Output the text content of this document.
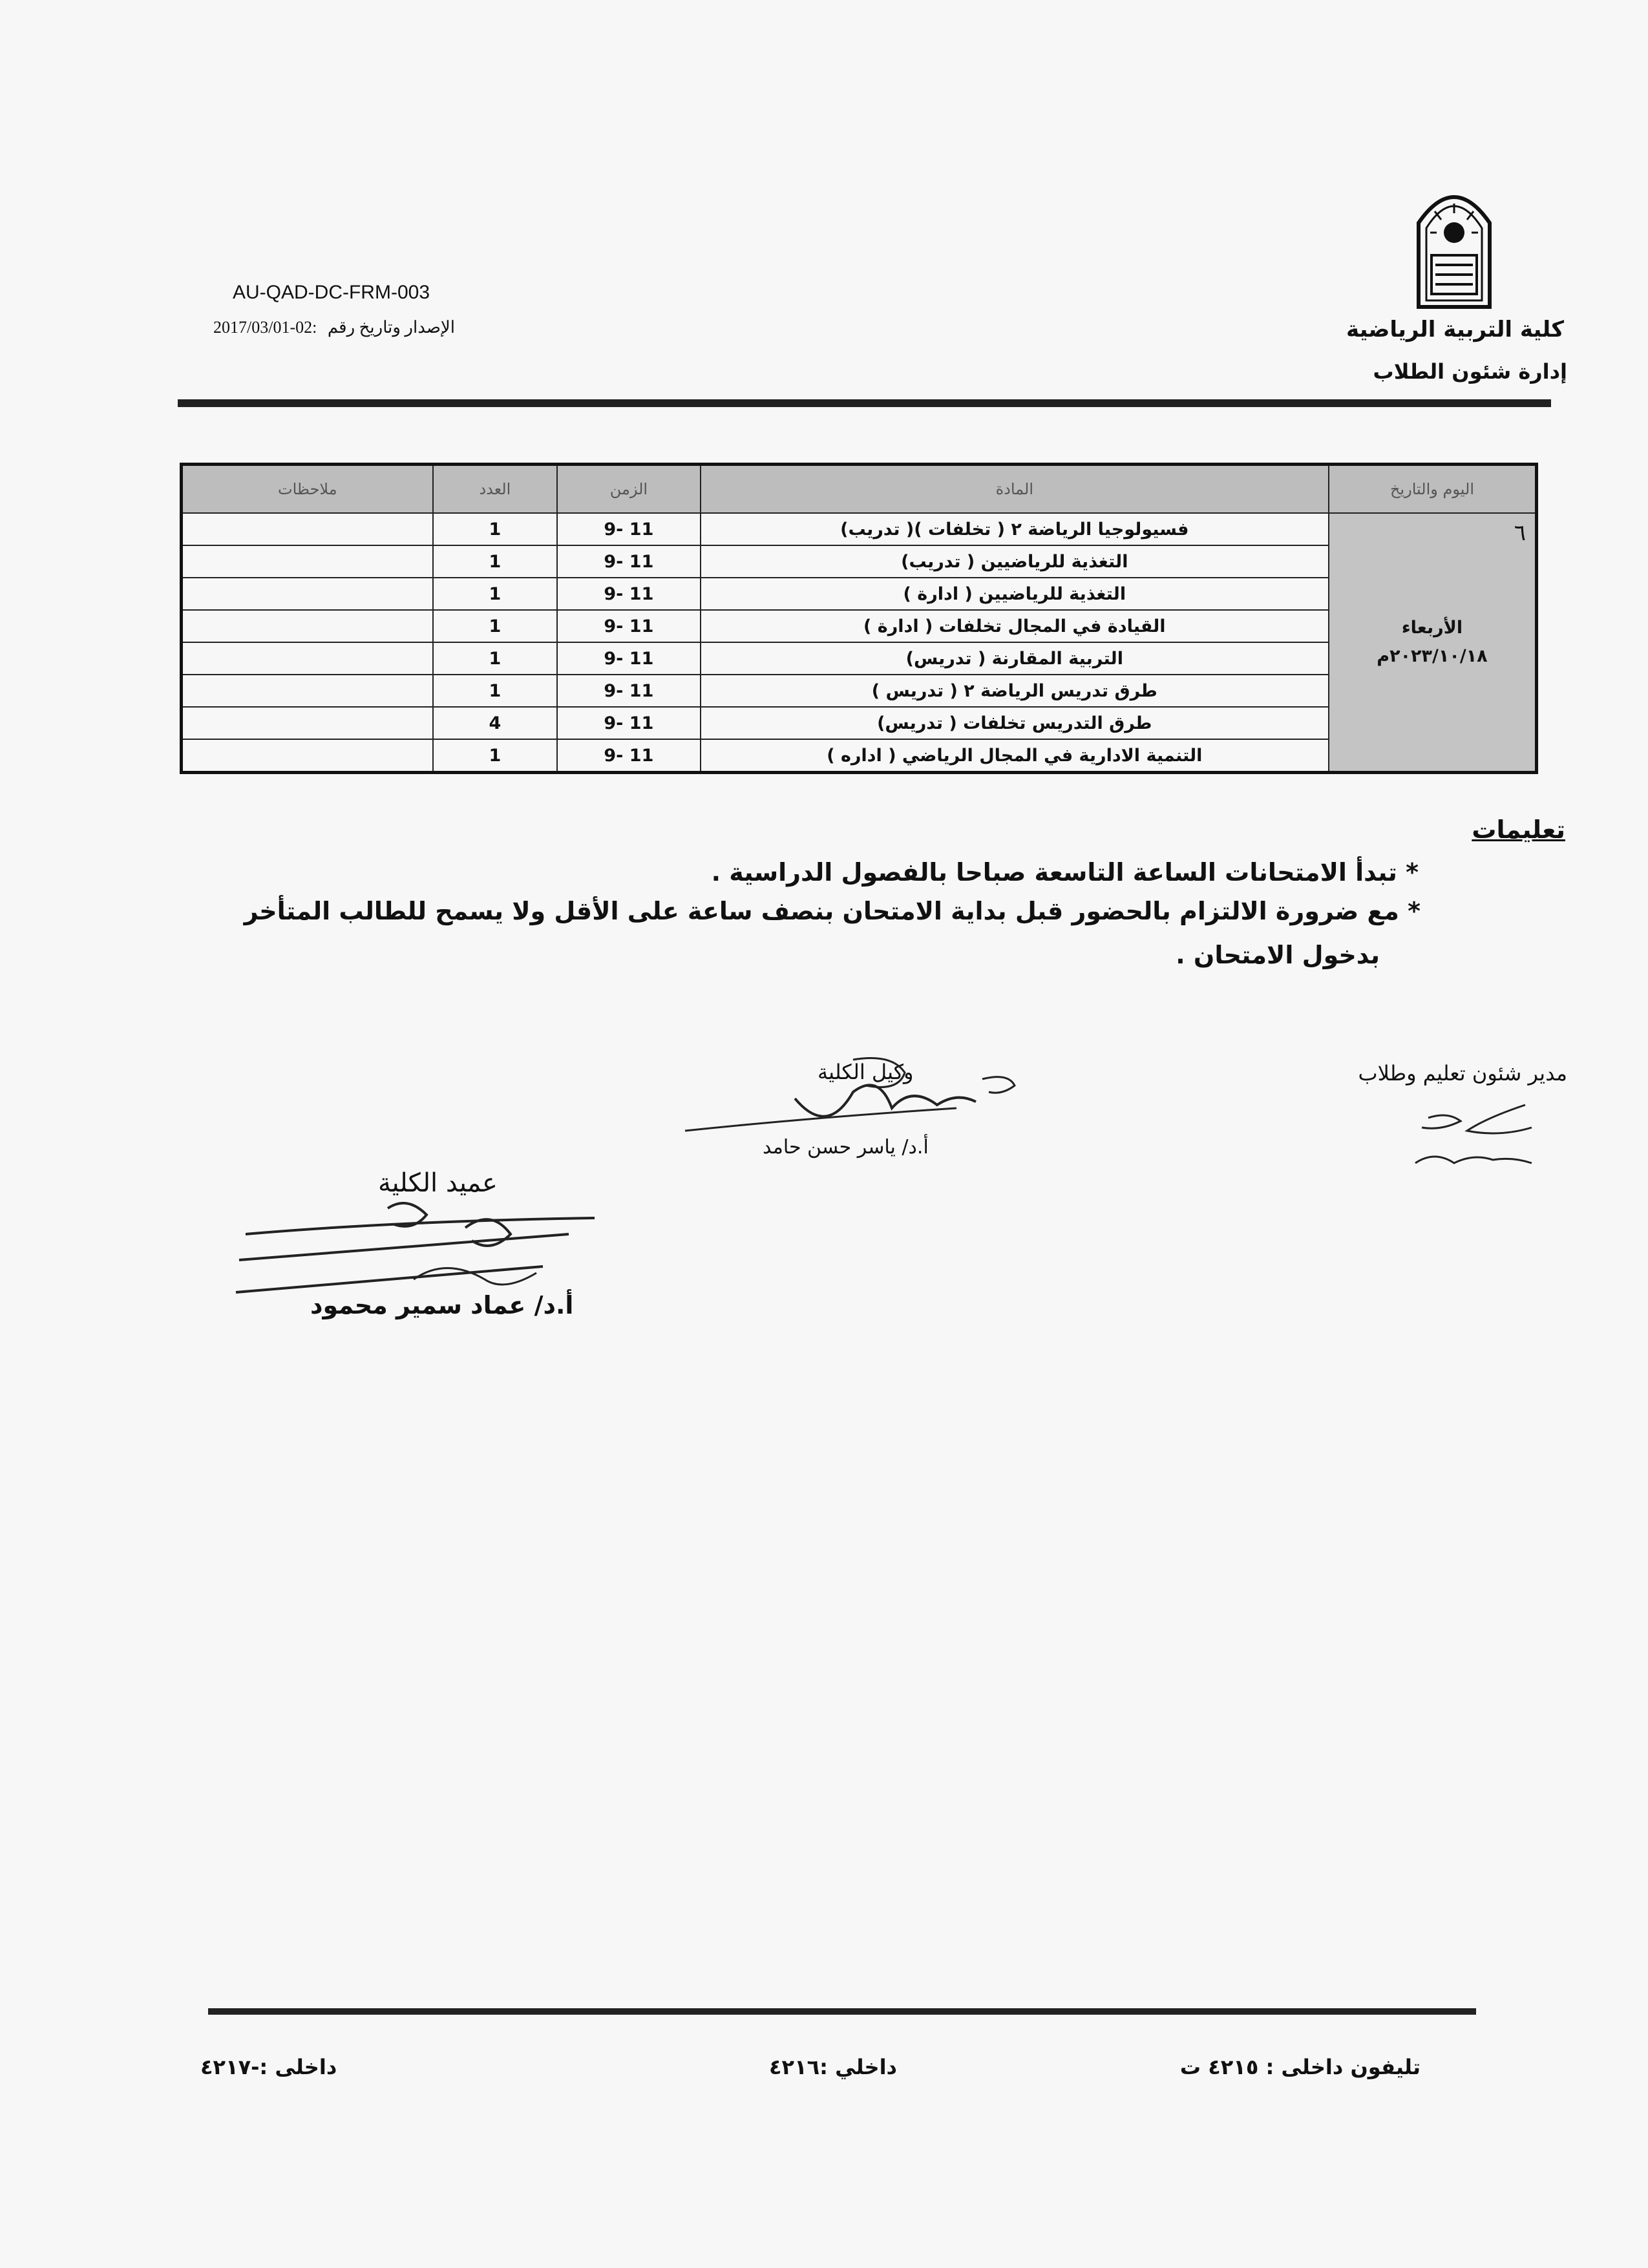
AU-QAD-DC-FRM-003
الإصدار وتاريخ رقم 2017/03/01-02:	كلية التربية الرياضية
إدارة شئون الطلاب
اليوم والتاريخ	المادة	الزمن	العدد	ملاحظات

٦
الأربعاء
٢٠٢٣/١٠/١٨م	فسيولوجيا الرياضة ٢ ( تخلفات )( تدريب)	9- 11	1	
	التغذية للرياضيين ( تدريب)	9- 11	1	
	التغذية للرياضيين ( ادارة )	9- 11	1	
	القيادة في المجال تخلفات ( ادارة )	9- 11	1	
	التربية المقارنة ( تدريس)	9- 11	1	
	طرق تدريس الرياضة ٢ ( تدريس )	9- 11	1	
	طرق التدريس تخلفات ( تدريس)	9- 11	4	
	التنمية الادارية في المجال الرياضي ( اداره )	9- 11	1	
تعليمات
* تبدأ الامتحانات الساعة التاسعة صباحا بالفصول الدراسية .
* مع ضرورة الالتزام بالحضور قبل بداية الامتحان بنصف ساعة على الأقل ولا يسمح للطالب المتأخر
بدخول الامتحان .
مدير شئون تعليم وطلاب
وكيل الكلية
أ.د/ ياسر حسن حامد
عميد الكلية
أ.د/ عماد سمير محمود
تليفون داخلى : ٤٢١٥ ت
داخلي :٤٢١٦
داخلى :-٤٢١٧
